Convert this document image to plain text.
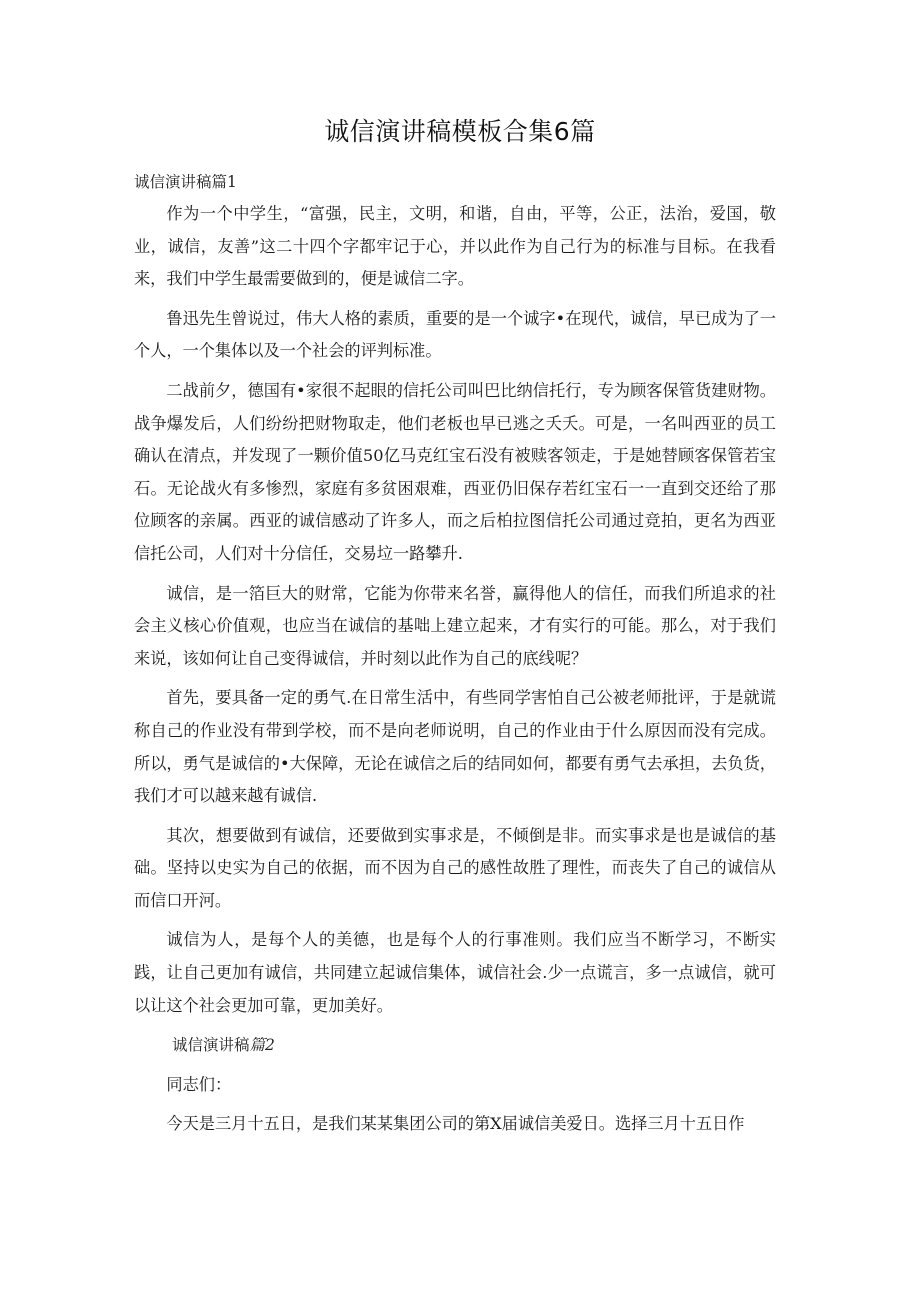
诚信演讲稿模板合集6篇
诚信演讲稿篇1

作为一个中学生，“富强，民主，文明，和谐，自由，平等，公正，法治，爱国，敬业，诚信，友善”这二十四个字都牢记于心，并以此作为自己行为的标准与目标。在我看来，我们中学生最需要做到的，便是诚信二字。

鲁迅先生曾说过，伟大人格的素质，重要的是一个诚字•在现代，诚信，早已成为了一个人，一个集体以及一个社会的评判标准。

二战前夕，德国有•家很不起眼的信托公司叫巴比纳信托行，专为顾客保管货建财物。战争爆发后，人们纷纷把财物取走，他们老板也早已逃之夭夭。可是，一名叫西亚的员工确认在清点，并发现了一颗价值50亿马克红宝石没有被赎客领走，于是她替顾客保管若宝石。无论战火有多惨烈，家庭有多贫困艰难，西亚仍旧保存若红宝石一一直到交还给了那位顾客的亲属。西亚的诚信感动了许多人，而之后柏拉图信托公司通过竞拍，更名为西亚信托公司，人们对十分信任，交易垃一路攀升.

诚信，是一箔巨大的财常，它能为你带来名誉，赢得他人的信任，而我们所追求的社会主义核心价值观，也应当在诚信的基咄上建立起来，才有实行的可能。那么，对于我们来说，该如何让自己变得诚信，并时刻以此作为自己的底线呢？

首先，要具备一定的勇气.在日常生活中，有些同学害怕自己公被老师批评，于是就谎称自己的作业没有带到学校，而不是向老师说明，自己的作业由于什么原因而没有完成。所以，勇气是诚信的•大保障，无论在诚信之后的结同如何，都要有勇气去承担，去负货，我们才可以越来越有诚信.

其次，想要做到有诚信，还要做到实事求是，不倾倒是非。而实事求是也是诚信的基础。坚持以史实为自己的依据，而不因为自己的感性故胜了理性，而丧失了自己的诚信从而信口开河。

诚信为人，是每个人的美德，也是每个人的行事准则。我们应当不断学习，不断实践，让自己更加有诚信，共同建立起诚信集体，诚信社会.少一点谎言，多一点诚信，就可以让这个社会更加可靠，更加美好。

诚信演讲稿篇2

同志们：

今天是三月十五日，是我们某某集团公司的第X届诚信美爱日。选择三月十五日作
